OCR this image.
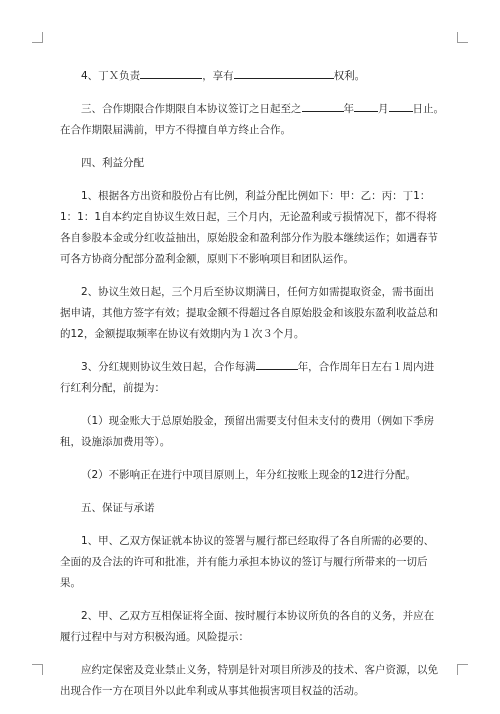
4、丁Ｘ负责	，享有	权利。

三、合作期限合作期限自本协议签订之日起至之	年 月 日止。在合作期限届满前，甲方不得擅自单方终止合作。

四、利益分配

1、根据各方出资和股份占有比例，利益分配比例如下：甲：乙：丙：丁1：1：1：1自本约定自协议生效日起，三个月内，无论盈利或亏损情况下，都不得将各自参股本金或分红收益抽出，原始股金和盈利部分作为股本继续运作；如遇春节可各方协商分配部分盈利金额，原则下不影响项目和团队运作。

2、协议生效日起，三个月后至协议期满日，任何方如需提取资金，需书面出据申请，其他方签字有效；提取金额不得超过各自原始股金和该股东盈利收益总和的12，金额提取频率在协议有效期内为１次３个月。

3、分红规则协议生效日起，合作每满	年，合作周年日左右１周内进行红利分配，前提为：

（1）现金账大于总原始股金，预留出需要支付但未支付的费用（例如下季房租，设施添加费用等）。

（2）不影响正在进行中项目原则上，年分红按账上现金的12进行分配。

五、保证与承诺

1、甲、乙双方保证就本协议的签署与履行都已经取得了各自所需的必要的、全面的及合法的许可和批准，并有能力承担本协议的签订与履行所带来的一切后果。

2、甲、乙双方互相保证将全面、按时履行本协议所负的各自的义务，并应在履行过程中与对方积极沟通。风险提示：

应约定保密及竞业禁止义务，特别是针对项目所涉及的技术、客户资源，以免出现合作一方在项目外以此牟利或从事其他损害项目权益的活动。
